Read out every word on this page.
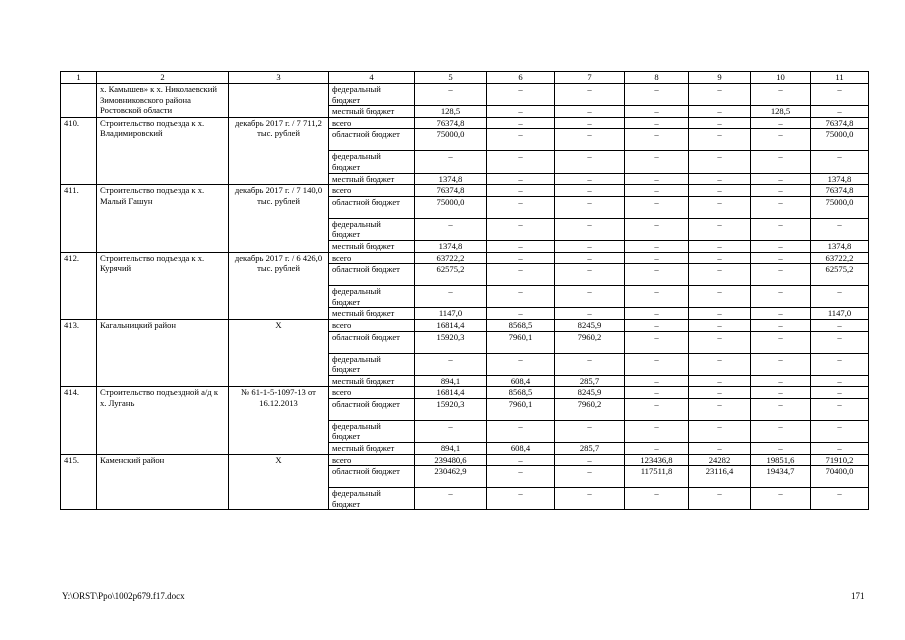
1	2	3	4	5	6	7	8	9	10	11
	х. Камышев» к х. Николаевский Зимовниковского района Ростовской области		федеральный бюджет	–	–	–	–	–	–	–
			местный бюджет	128,5	–	–	–	–	128,5	–
410.	Строительство подъезда к х. Владимировский	декабрь 2017 г. / 7 711,2 тыс. рублей	всего	76374,8	–	–	–	–	–	76374,8
			областной бюджет	75000,0	–	–	–	–	–	75000,0
			федеральный бюджет	–	–	–	–	–	–	–
			местный бюджет	1374,8	–	–	–	–	–	1374,8
411.	Строительство подъезда к х. Малый Гашун	декабрь 2017 г. / 7 140,0 тыс. рублей	всего	76374,8	–	–	–	–	–	76374,8
			областной бюджет	75000,0	–	–	–	–	–	75000,0
			федеральный бюджет	–	–	–	–	–	–	–
			местный бюджет	1374,8	–	–	–	–	–	1374,8
412.	Строительство подъезда к х. Курячий	декабрь 2017 г. / 6 426,0 тыс. рублей	всего	63722,2	–	–	–	–	–	63722,2
			областной бюджет	62575,2	–	–	–	–	–	62575,2
			федеральный бюджет	–	–	–	–	–	–	–
			местный бюджет	1147,0	–	–	–	–	–	1147,0
413.	Кагальницкий район	Х	всего	16814,4	8568,5	8245,9	–	–	–	–
			областной бюджет	15920,3	7960,1	7960,2	–	–	–	–
			федеральный бюджет	–	–	–	–	–	–	–
			местный бюджет	894,1	608,4	285,7	–	–	–	–
414.	Строительство подъездной а/д к х. Лугань	№ 61-1-5-1097-13 от 16.12.2013	всего	16814,4	8568,5	8245,9	–	–	–	–
			областной бюджет	15920,3	7960,1	7960,2	–	–	–	–
			федеральный бюджет	–	–	–	–	–	–	–
			местный бюджет	894,1	608,4	285,7	–	–	–	–
415.	Каменский район	Х	всего	239480,6	–	–	123436,8	24282	19851,6	71910,2
			областной бюджет	230462,9	–	–	117511,8	23116,4	19434,7	70400,0
			федеральный бюджет	–	–	–	–	–	–	–
Y:\ORST\Ppo\1002p679.f17.docx	171
